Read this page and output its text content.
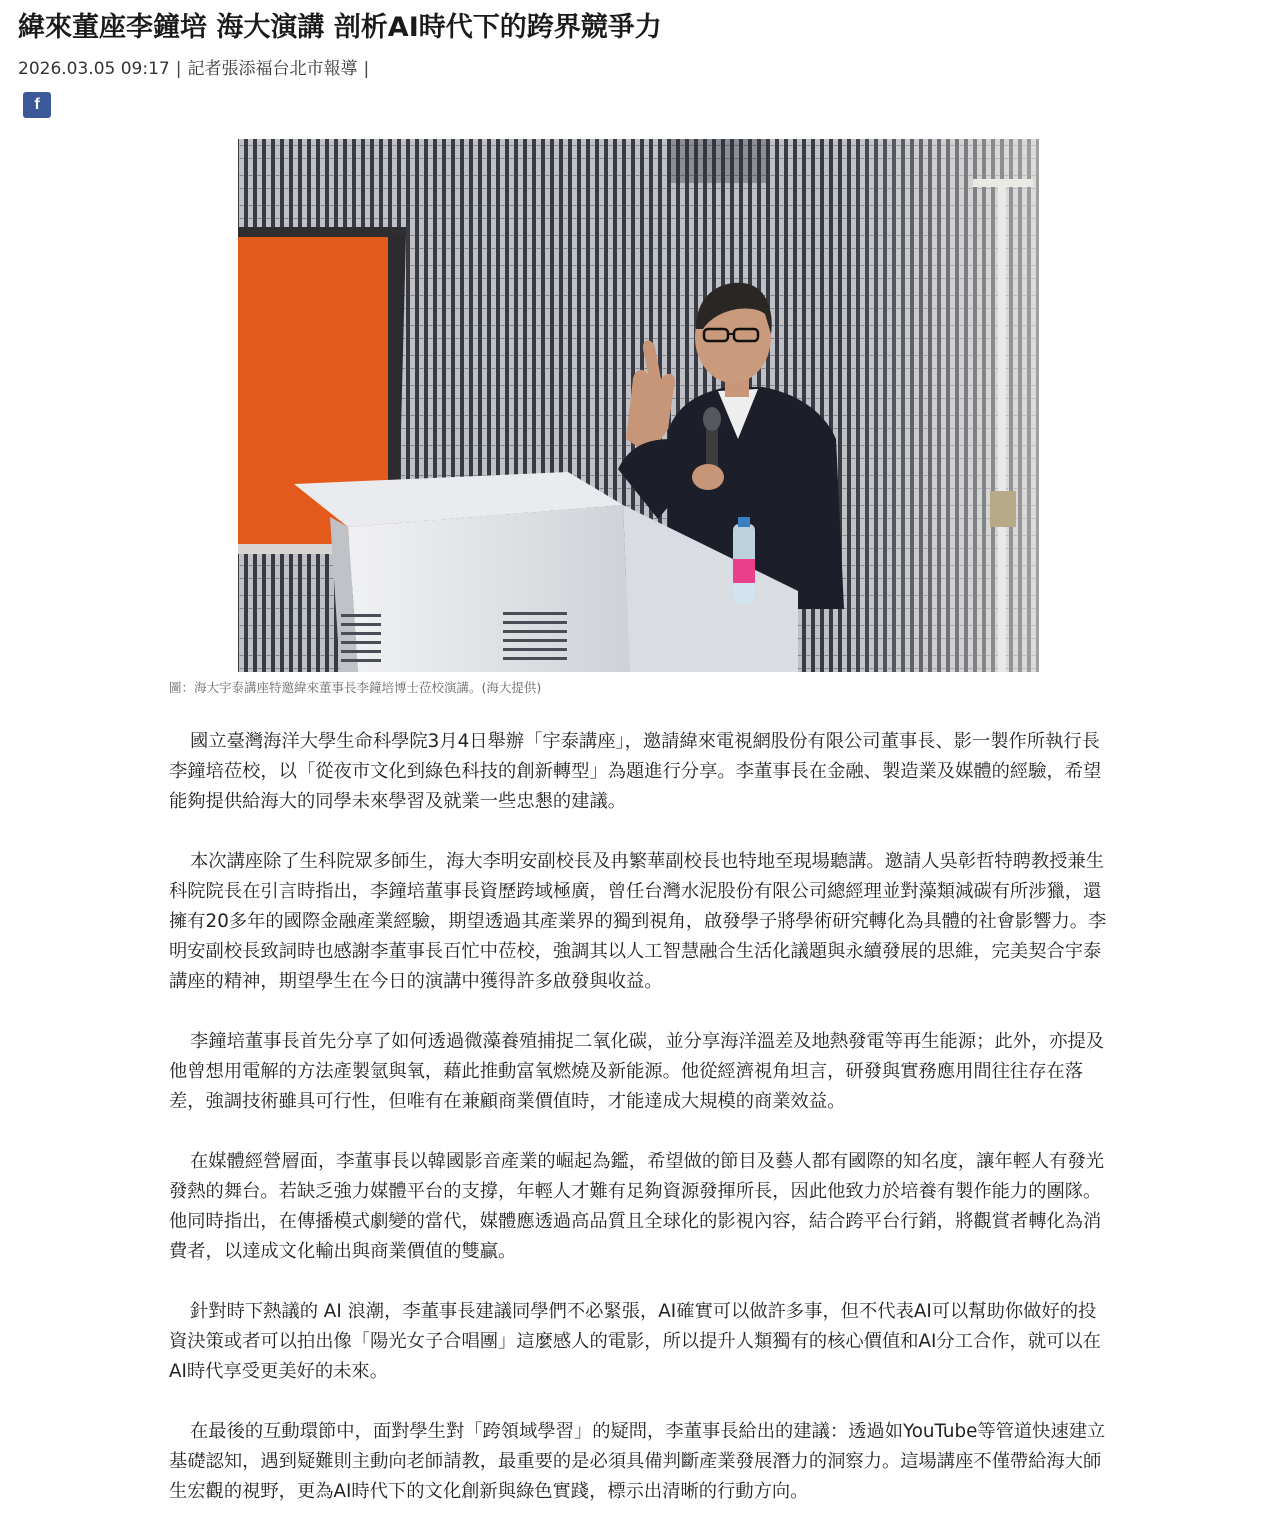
緯來董座李鐘培 海大演講 剖析AI時代下的跨界競爭力
2026.03.05 09:17 | 記者張添福台北市報導 |
f
圖：海大宇泰講座特邀緯來董事長李鐘培博士莅校演講。(海大提供)

國立臺灣海洋大學生命科學院3月4日舉辦「宇泰講座」，邀請緯來電視網股份有限公司董事長、影一製作所執行長李鐘培莅校，以「從夜市文化到綠色科技的創新轉型」為題進行分享。李董事長在金融、製造業及媒體的經驗，希望能夠提供給海大的同學未來學習及就業一些忠懇的建議。

本次講座除了生科院眾多師生，海大李明安副校長及冉繁華副校長也特地至現場聽講。邀請人吳彰哲特聘教授兼生科院院長在引言時指出，李鐘培董事長資歷跨域極廣，曾任台灣水泥股份有限公司總經理並對藻類減碳有所涉獵，還擁有20多年的國際金融產業經驗，期望透過其產業界的獨到視角，啟發學子將學術研究轉化為具體的社會影響力。李明安副校長致詞時也感謝李董事長百忙中莅校，強調其以人工智慧融合生活化議題與永續發展的思維，完美契合宇泰講座的精神，期望學生在今日的演講中獲得許多啟發與收益。

李鐘培董事長首先分享了如何透過微藻養殖捕捉二氧化碳，並分享海洋溫差及地熱發電等再生能源；此外，亦提及他曾想用電解的方法產製氫與氧，藉此推動富氧燃燒及新能源。他從經濟視角坦言，研發與實務應用間往往存在落差，強調技術雖具可行性，但唯有在兼顧商業價值時，才能達成大規模的商業效益。

在媒體經營層面，李董事長以韓國影音產業的崛起為鑑，希望做的節目及藝人都有國際的知名度，讓年輕人有發光發熱的舞台。若缺乏強力媒體平台的支撐，年輕人才難有足夠資源發揮所長，因此他致力於培養有製作能力的團隊。他同時指出，在傳播模式劇變的當代，媒體應透過高品質且全球化的影視內容，結合跨平台行銷，將觀賞者轉化為消費者，以達成文化輸出與商業價值的雙贏。

針對時下熱議的 AI 浪潮，李董事長建議同學們不必緊張，AI確實可以做許多事，但不代表AI可以幫助你做好的投資決策或者可以拍出像「陽光女子合唱團」這麼感人的電影，所以提升人類獨有的核心價值和AI分工合作，就可以在AI時代享受更美好的未來。

在最後的互動環節中，面對學生對「跨領域學習」的疑問，李董事長給出的建議：透過如YouTube等管道快速建立基礎認知，遇到疑難則主動向老師請教，最重要的是必須具備判斷產業發展潛力的洞察力。這場講座不僅帶給海大師生宏觀的視野，更為AI時代下的文化創新與綠色實踐，標示出清晰的行動方向。
